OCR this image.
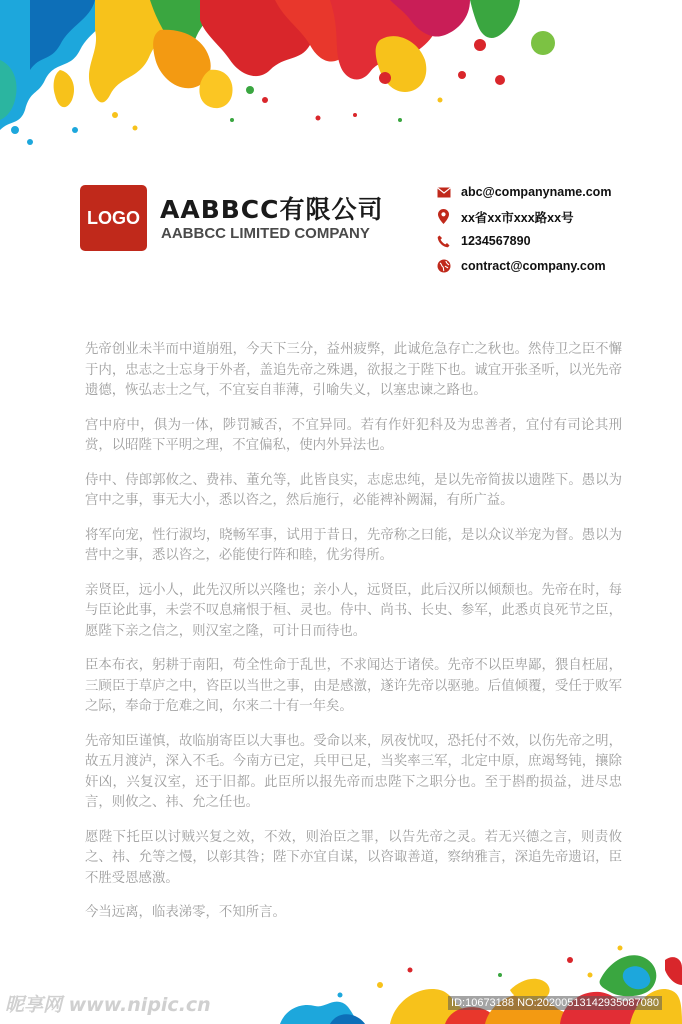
LOGO AABBCC有限公司
AABBCC LIMITED COMPANY
abc@companyname.com
xx省xx市xxx路xx号
1234567890
contract@company.com

先帝创业未半而中道崩殂，今天下三分，益州疲弊，此诚危急存亡之秋也。然侍卫之臣不懈于内，忠志之士忘身于外者，盖追先帝之殊遇，欲报之于陛下也。诚宜开张圣听，以光先帝遗德，恢弘志士之气，不宜妄自菲薄，引喻失义，以塞忠谏之路也。

宫中府中，俱为一体，陟罚臧否，不宜异同。若有作奸犯科及为忠善者，宜付有司论其刑赏，以昭陛下平明之理，不宜偏私，使内外异法也。

侍中、侍郎郭攸之、费祎、董允等，此皆良实，志虑忠纯，是以先帝简拔以遗陛下。愚以为宫中之事，事无大小，悉以咨之，然后施行，必能裨补阙漏，有所广益。

将军向宠，性行淑均，晓畅军事，试用于昔日，先帝称之曰能，是以众议举宠为督。愚以为营中之事，悉以咨之，必能使行阵和睦，优劣得所。

亲贤臣，远小人，此先汉所以兴隆也；亲小人，远贤臣，此后汉所以倾颓也。先帝在时，每与臣论此事，未尝不叹息痛恨于桓、灵也。侍中、尚书、长史、参军，此悉贞良死节之臣，愿陛下亲之信之，则汉室之隆，可计日而待也。

臣本布衣，躬耕于南阳，苟全性命于乱世，不求闻达于诸侯。先帝不以臣卑鄙，猥自枉屈，三顾臣于草庐之中，咨臣以当世之事，由是感激，遂许先帝以驱驰。后值倾覆，受任于败军之际，奉命于危难之间，尔来二十有一年矣。

先帝知臣谨慎，故临崩寄臣以大事也。受命以来，夙夜忧叹，恐托付不效，以伤先帝之明，故五月渡泸，深入不毛。今南方已定，兵甲已足，当奖率三军，北定中原，庶竭驽钝，攘除奸凶，兴复汉室，还于旧都。此臣所以报先帝而忠陛下之职分也。至于斟酌损益，进尽忠言，则攸之、祎、允之任也。

愿陛下托臣以讨贼兴复之效，不效，则治臣之罪，以告先帝之灵。若无兴德之言，则责攸之、祎、允等之慢，以彰其咎；陛下亦宜自谋，以咨诹善道，察纳雅言，深追先帝遗诏，臣不胜受恩感激。

今当远离，临表涕零，不知所言。

昵享网 www.nipic.cn	ID:10673188 NO:20200513142935087080
